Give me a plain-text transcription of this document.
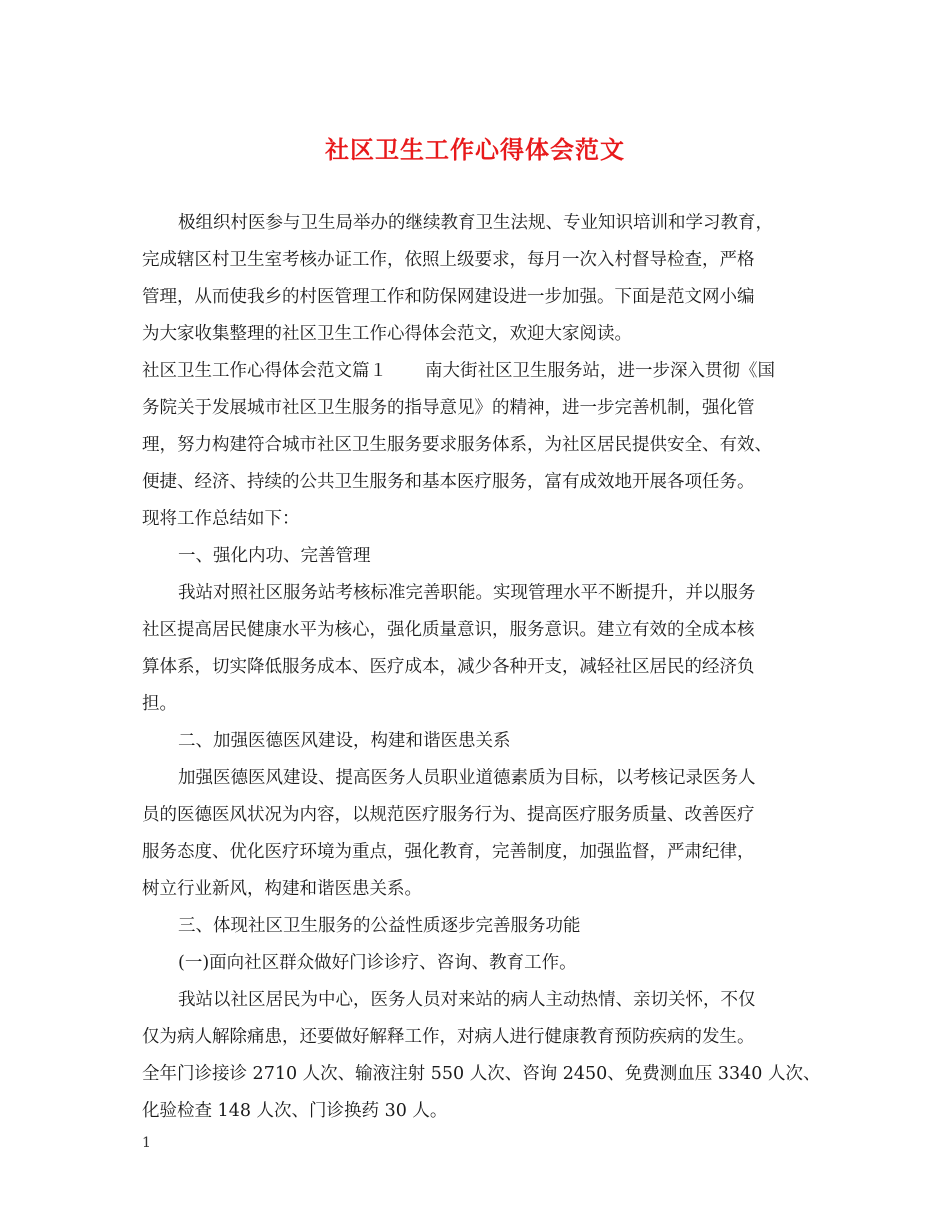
社区卫生工作心得体会范文
极组织村医参与卫生局举办的继续教育卫生法规、专业知识培训和学习教育，
完成辖区村卫生室考核办证工作，依照上级要求，每月一次入村督导检查，严格
管理，从而使我乡的村医管理工作和防保网建设进一步加强。下面是范文网小编
为大家收集整理的社区卫生工作心得体会范文，欢迎大家阅读。
社区卫生工作心得体会范文篇１ 南大街社区卫生服务站，进一步深入贯彻《国
务院关于发展城市社区卫生服务的指导意见》的精神，进一步完善机制，强化管
理，努力构建符合城市社区卫生服务要求服务体系，为社区居民提供安全、有效、
便捷、经济、持续的公共卫生服务和基本医疗服务，富有成效地开展各项任务。
现将工作总结如下：
一、强化内功、完善管理
我站对照社区服务站考核标准完善职能。实现管理水平不断提升，并以服务
社区提高居民健康水平为核心，强化质量意识，服务意识。建立有效的全成本核
算体系，切实降低服务成本、医疗成本，减少各种开支，减轻社区居民的经济负
担。
二、加强医德医风建设，构建和谐医患关系
加强医德医风建设、提高医务人员职业道德素质为目标，以考核记录医务人
员的医德医风状况为内容，以规范医疗服务行为、提高医疗服务质量、改善医疗
服务态度、优化医疗环境为重点，强化教育，完善制度，加强监督，严肃纪律，
树立行业新风，构建和谐医患关系。
三、体现社区卫生服务的公益性质逐步完善服务功能
(一)面向社区群众做好门诊诊疗、咨询、教育工作。
我站以社区居民为中心，医务人员对来站的病人主动热情、亲切关怀，不仅
仅为病人解除痛患，还要做好解释工作，对病人进行健康教育预防疾病的发生。
全年门诊接诊 2710 人次、输液注射 550 人次、咨询 2450、免费测血压 3340 人次、
化验检查 148 人次、门诊换药 30 人。
1
